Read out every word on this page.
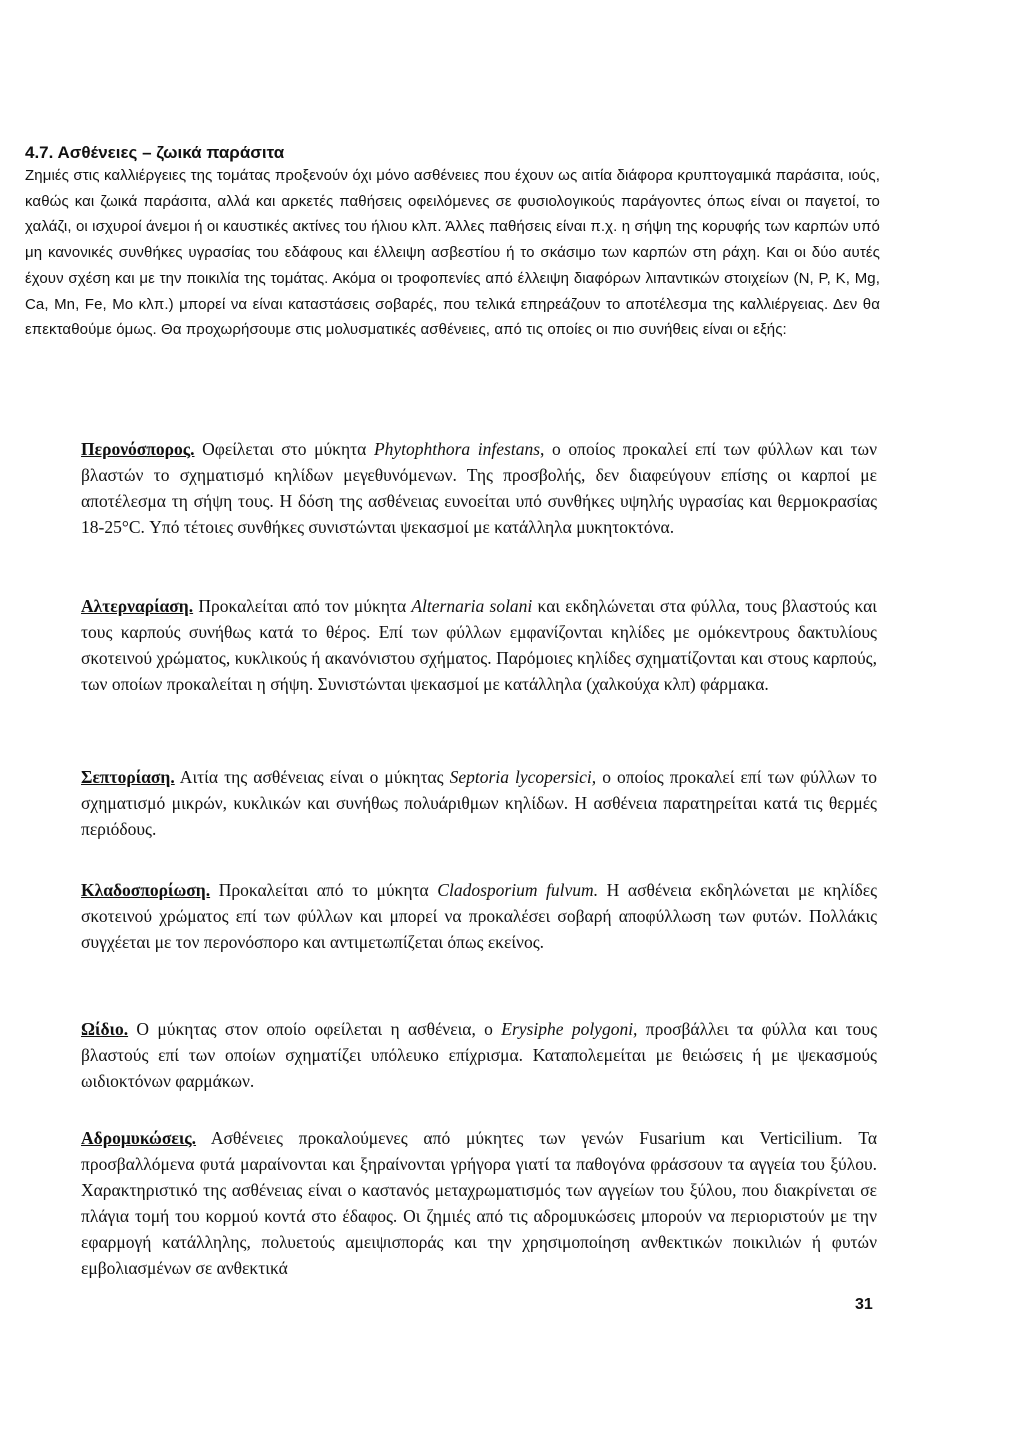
4.7. Ασθένειες – ζωικά παράσιτα
Ζημιές στις καλλιέργειες της τομάτας προξενούν όχι μόνο ασθένειες που έχουν ως αιτία διάφορα κρυπτογαμικά παράσιτα, ιούς, καθώς και ζωικά παράσιτα, αλλά και αρκετές παθήσεις οφειλόμενες σε φυσιολογικούς παράγοντες όπως είναι οι παγετοί, το χαλάζι, οι ισχυροί άνεμοι ή οι καυστικές ακτίνες του ήλιου κλπ. Άλλες παθήσεις είναι π.χ. η σήψη της κορυφής των καρπών υπό μη κανονικές συνθήκες υγρασίας του εδάφους και έλλειψη ασβεστίου ή το σκάσιμο των καρπών στη ράχη. Και οι δύο αυτές έχουν σχέση και με την ποικιλία της τομάτας. Ακόμα οι τροφοπενίες από έλλειψη διαφόρων λιπαντικών στοιχείων (N, P, K, Mg, Ca, Mn, Fe, Mo κλπ.) μπορεί να είναι καταστάσεις σοβαρές, που τελικά επηρεάζουν το αποτέλεσμα της καλλιέργειας. Δεν θα επεκταθούμε όμως. Θα προχωρήσουμε στις μολυσματικές ασθένειες, από τις οποίες οι πιο συνήθεις είναι οι εξής:
Περονόσπορος. Οφείλεται στο μύκητα Phytophthora infestans, ο οποίος προκαλεί επί των φύλλων και των βλαστών το σχηματισμό κηλίδων μεγεθυνόμενων. Της προσβολής, δεν διαφεύγουν επίσης οι καρποί με αποτέλεσμα τη σήψη τους. Η δόση της ασθένειας ευνοείται υπό συνθήκες υψηλής υγρασίας και θερμοκρασίας 18-25°C. Υπό τέτοιες συνθήκες συνιστώνται ψεκασμοί με κατάλληλα μυκητοκτόνα.
Αλτερναρίαση. Προκαλείται από τον μύκητα Alternaria solani και εκδηλώνεται στα φύλλα, τους βλαστούς και τους καρπούς συνήθως κατά το θέρος. Επί των φύλλων εμφανίζονται κηλίδες με ομόκεντρους δακτυλίους σκοτεινού χρώματος, κυκλικούς ή ακανόνιστου σχήματος. Παρόμοιες κηλίδες σχηματίζονται και στους καρπούς, των οποίων προκαλείται η σήψη. Συνιστώνται ψεκασμοί με κατάλληλα (χαλκούχα κλπ) φάρμακα.
Σεπτορίαση. Αιτία της ασθένειας είναι ο μύκητας Septoria lycopersici, ο οποίος προκαλεί επί των φύλλων το σχηματισμό μικρών, κυκλικών και συνήθως πολυάριθμων κηλίδων. Η ασθένεια παρατηρείται κατά τις θερμές περιόδους.
Κλαδοσπορίωση. Προκαλείται από το μύκητα Cladosporium fulvum. Η ασθένεια εκδηλώνεται με κηλίδες σκοτεινού χρώματος επί των φύλλων και μπορεί να προκαλέσει σοβαρή αποφύλλωση των φυτών. Πολλάκις συγχέεται με τον περονόσπορο και αντιμετωπίζεται όπως εκείνος.
Ωίδιο. Ο μύκητας στον οποίο οφείλεται η ασθένεια, ο Erysiphe polygoni, προσβάλλει τα φύλλα και τους βλαστούς επί των οποίων σχηματίζει υπόλευκο επίχρισμα. Καταπολεμείται με θειώσεις ή με ψεκασμούς ωιδιοκτόνων φαρμάκων.
Αδρομυκώσεις. Ασθένειες προκαλούμενες από μύκητες των γενών Fusarium και Verticilium. Τα προσβαλλόμενα φυτά μαραίνονται και ξηραίνονται γρήγορα γιατί τα παθογόνα φράσσουν τα αγγεία του ξύλου. Χαρακτηριστικό της ασθένειας είναι ο καστανός μεταχρωματισμός των αγγείων του ξύλου, που διακρίνεται σε πλάγια τομή του κορμού κοντά στο έδαφος. Οι ζημιές από τις αδρομυκώσεις μπορούν να περιοριστούν με την εφαρμογή κατάλληλης, πολυετούς αμειψισποράς και την χρησιμοποίηση ανθεκτικών ποικιλιών ή φυτών εμβολιασμένων σε ανθεκτικά
31
